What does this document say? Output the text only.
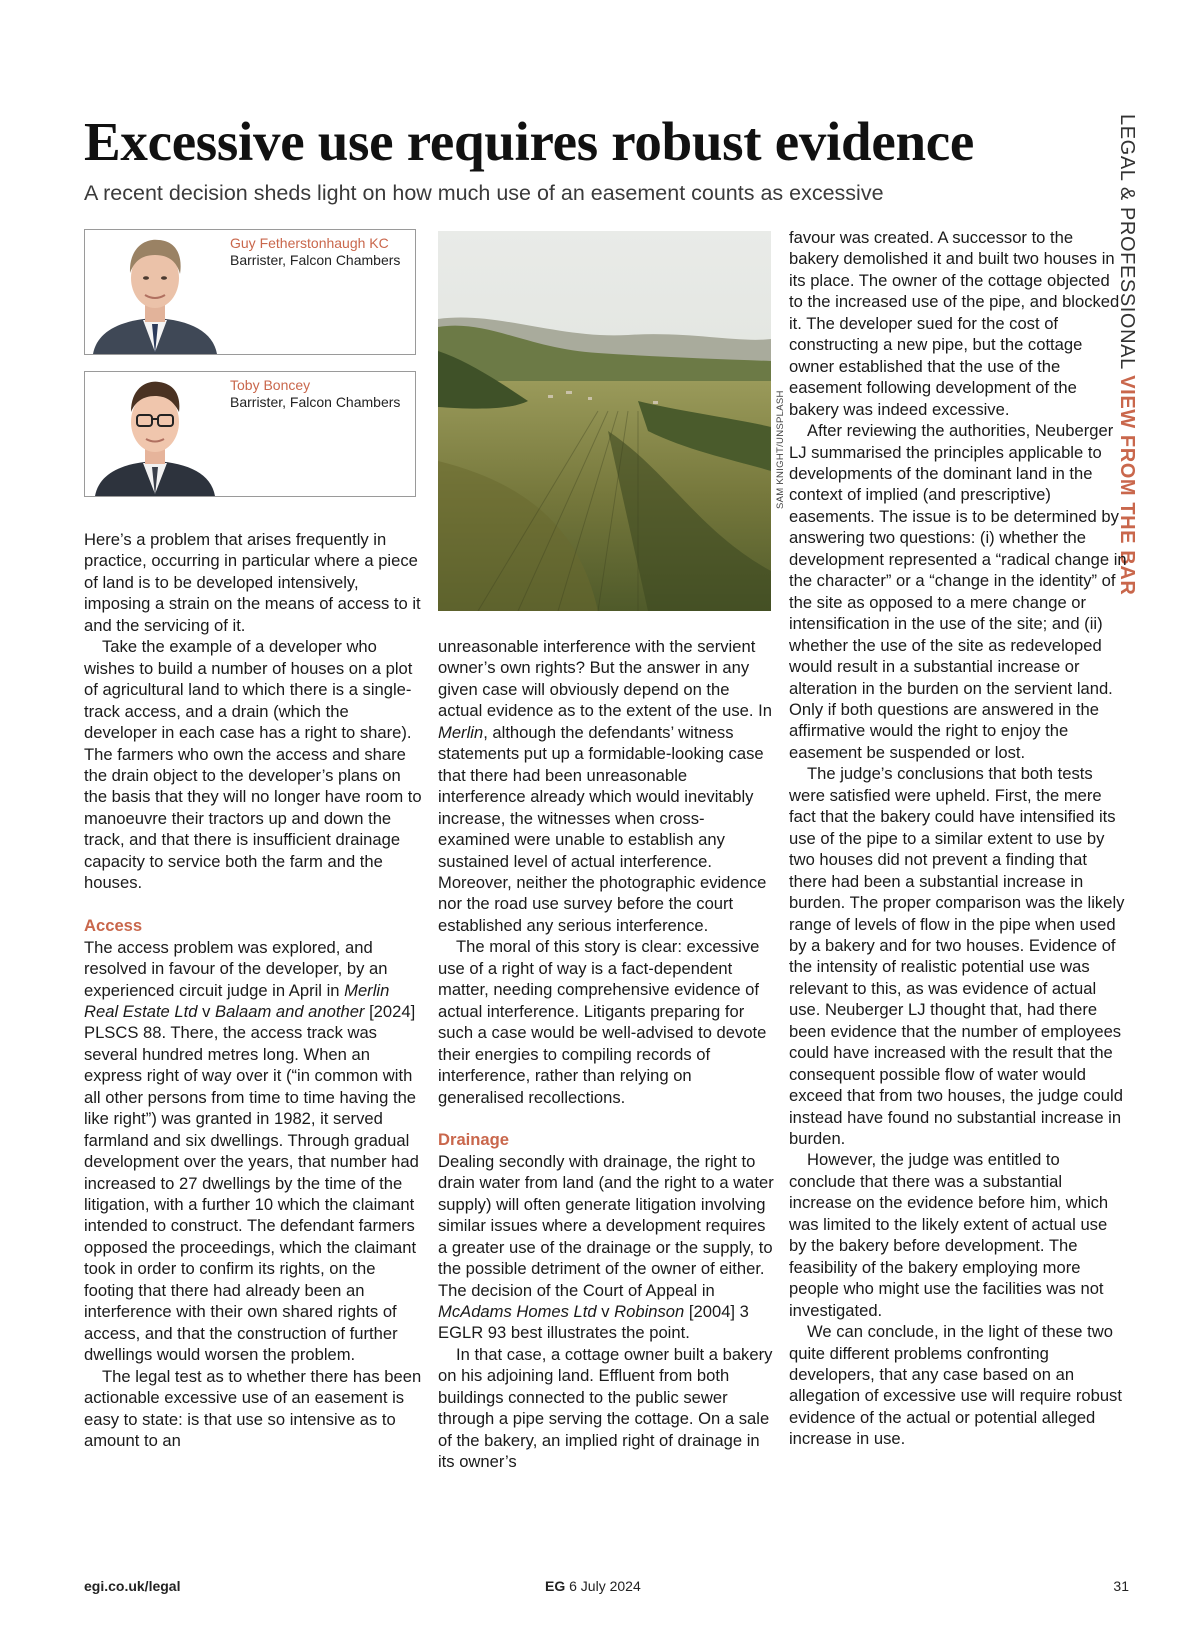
Excessive use requires robust evidence

A recent decision sheds light on how much use of an easement counts as excessive	LEGAL & PROFESSIONAL VIEW FROM THE BAR
Guy Fetherstonhaugh KC
Barrister, Falcon Chambers
Toby Boncey
Barrister, Falcon Chambers	SAM KNIGHT/UNSPLASH

Here’s a problem that arises frequently in practice, occurring in particular where a piece of land is to be developed intensively, imposing a strain on the means of access to it and the servicing of it.

Take the example of a developer who wishes to build a number of houses on a plot of agricultural land to which there is a single-track access, and a drain (which the developer in each case has a right to share). The farmers who own the access and share the drain object to the developer’s plans on the basis that they will no longer have room to manoeuvre their tractors up and down the track, and that there is insufficient drainage capacity to service both the farm and the houses.

Access

The access problem was explored, and resolved in favour of the developer, by an experienced circuit judge in April in Merlin Real Estate Ltd v Balaam and another [2024] PLSCS 88. There, the access track was several hundred metres long. When an express right of way over it (“in common with all other persons from time to time having the like right”) was granted in 1982, it served farmland and six dwellings. Through gradual development over the years, that number had increased to 27 dwellings by the time of the litigation, with a further 10 which the claimant intended to construct. The defendant farmers opposed the proceedings, which the claimant took in order to confirm its rights, on the footing that there had already been an interference with their own shared rights of access, and that the construction of further dwellings would worsen the problem.

The legal test as to whether there has been actionable excessive use of an easement is easy to state: is that use so intensive as to amount to an

unreasonable interference with the servient owner’s own rights? But the answer in any given case will obviously depend on the actual evidence as to the extent of the use. In Merlin, although the defendants’ witness statements put up a formidable-looking case that there had been unreasonable interference already which would inevitably increase, the witnesses when cross-examined were unable to establish any sustained level of actual interference. Moreover, neither the photographic evidence nor the road use survey before the court established any serious interference.

The moral of this story is clear: excessive use of a right of way is a fact-dependent matter, needing comprehensive evidence of actual interference. Litigants preparing for such a case would be well-advised to devote their energies to compiling records of interference, rather than relying on generalised recollections.

Drainage

Dealing secondly with drainage, the right to drain water from land (and the right to a water supply) will often generate litigation involving similar issues where a development requires a greater use of the drainage or the supply, to the possible detriment of the owner of either. The decision of the Court of Appeal in McAdams Homes Ltd v Robinson [2004] 3 EGLR 93 best illustrates the point.

In that case, a cottage owner built a bakery on his adjoining land. Effluent from both buildings connected to the public sewer through a pipe serving the cottage. On a sale of the bakery, an implied right of drainage in its owner’s

favour was created. A successor to the bakery demolished it and built two houses in its place. The owner of the cottage objected to the increased use of the pipe, and blocked it. The developer sued for the cost of constructing a new pipe, but the cottage owner established that the use of the easement following development of the bakery was indeed excessive.

After reviewing the authorities, Neuberger LJ summarised the principles applicable to developments of the dominant land in the context of implied (and prescriptive) easements. The issue is to be determined by answering two questions: (i) whether the development represented a “radical change in the character” or a “change in the identity” of the site as opposed to a mere change or intensification in the use of the site; and (ii) whether the use of the site as redeveloped would result in a substantial increase or alteration in the burden on the servient land. Only if both questions are answered in the affirmative would the right to enjoy the easement be suspended or lost.

The judge’s conclusions that both tests were satisfied were upheld. First, the mere fact that the bakery could have intensified its use of the pipe to a similar extent to use by two houses did not prevent a finding that there had been a substantial increase in burden. The proper comparison was the likely range of levels of flow in the pipe when used by a bakery and for two houses. Evidence of the intensity of realistic potential use was relevant to this, as was evidence of actual use. Neuberger LJ thought that, had there been evidence that the number of employees could have increased with the result that the consequent possible flow of water would exceed that from two houses, the judge could instead have found no substantial increase in burden.

However, the judge was entitled to conclude that there was a substantial increase on the evidence before him, which was limited to the likely extent of actual use by the bakery before development. The feasibility of the bakery employing more people who might use the facilities was not investigated.

We can conclude, in the light of these two quite different problems confronting developers, that any case based on an allegation of excessive use will require robust evidence of the actual or potential alleged increase in use.

egi.co.uk/legal	EG 6 July 2024	31
